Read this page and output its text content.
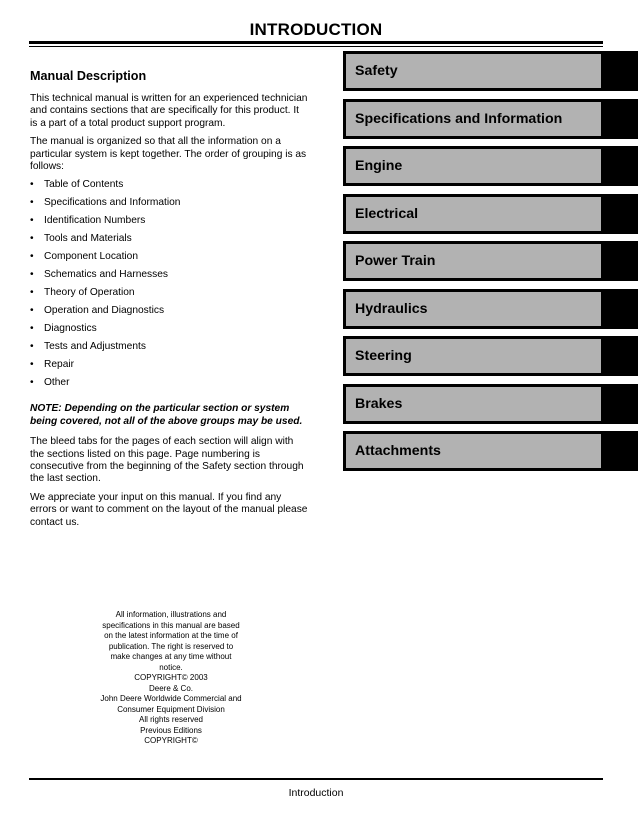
INTRODUCTION
Manual Description

This technical manual is written for an experienced technician and contains sections that are specifically for this product. It is a part of a total product support program.

The manual is organized so that all the information on a particular system is kept together. The order of grouping is as follows:

• Table of Contents
• Specifications and Information
• Identification Numbers
• Tools and Materials
• Component Location
• Schematics and Harnesses
• Theory of Operation
• Operation and Diagnostics
• Diagnostics
• Tests and Adjustments
• Repair
• Other

NOTE: Depending on the particular section or system being covered, not all of the above groups may be used.

The bleed tabs for the pages of each section will align with the sections listed on this page. Page numbering is consecutive from the beginning of the Safety section through the last section.

We appreciate your input on this manual. If you find any errors or want to comment on the layout of the manual please contact us.

All information, illustrations and
specifications in this manual are based
on the latest information at the time of
publication. The right is reserved to
make changes at any time without
notice.
COPYRIGHT© 2003
Deere & Co.
John Deere Worldwide Commercial and
Consumer Equipment Division
All rights reserved
Previous Editions
COPYRIGHT©
Safety
Specifications and Information
Engine
Electrical
Power Train
Hydraulics
Steering
Brakes
Attachments
Introduction
